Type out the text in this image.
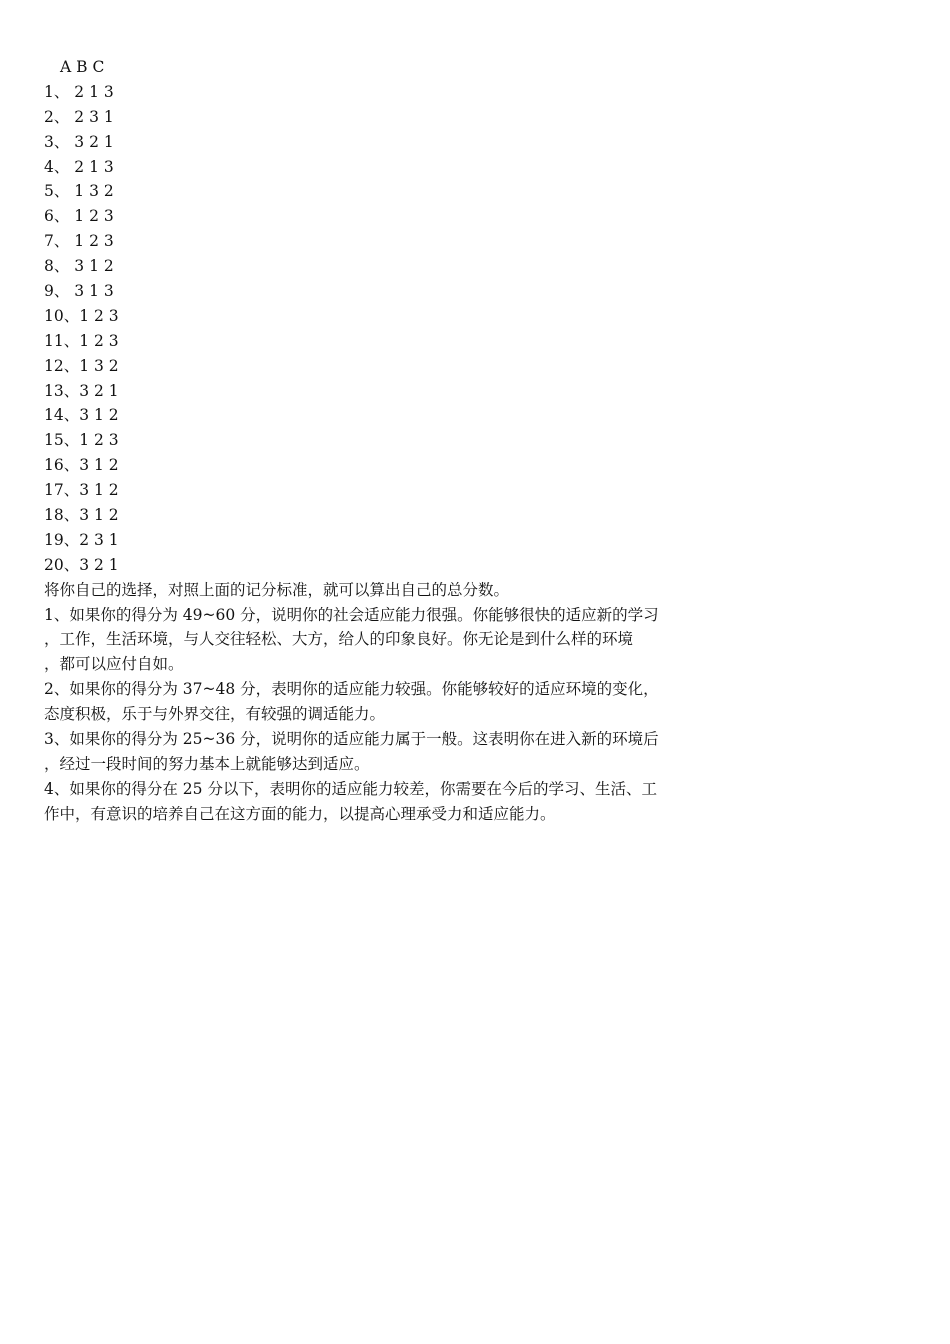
A B C
1、 2 1 3
2、 2 3 1
3、 3 2 1
4、 2 1 3
5、 1 3 2
6、 1 2 3
7、 1 2 3
8、 3 1 2
9、 3 1 3
10、1 2 3
11、1 2 3
12、1 3 2
13、3 2 1
14、3 1 2
15、1 2 3
16、3 1 2
17、3 1 2
18、3 1 2
19、2 3 1
20、3 2 1
将你自己的选择，对照上面的记分标准，就可以算出自己的总分数。
1、如果你的得分为 49~60 分，说明你的社会适应能力很强。你能够很快的适应新的学习
，工作，生活环境，与人交往轻松、大方，给人的印象良好。你无论是到什么样的环境
，都可以应付自如。
2、如果你的得分为 37~48 分，表明你的适应能力较强。你能够较好的适应环境的变化，
态度积极，乐于与外界交往，有较强的调适能力。
3、如果你的得分为 25~36 分，说明你的适应能力属于一般。这表明你在进入新的环境后
，经过一段时间的努力基本上就能够达到适应。
4、如果你的得分在 25 分以下，表明你的适应能力较差，你需要在今后的学习、生活、工
作中，有意识的培养自己在这方面的能力，以提高心理承受力和适应能力。
